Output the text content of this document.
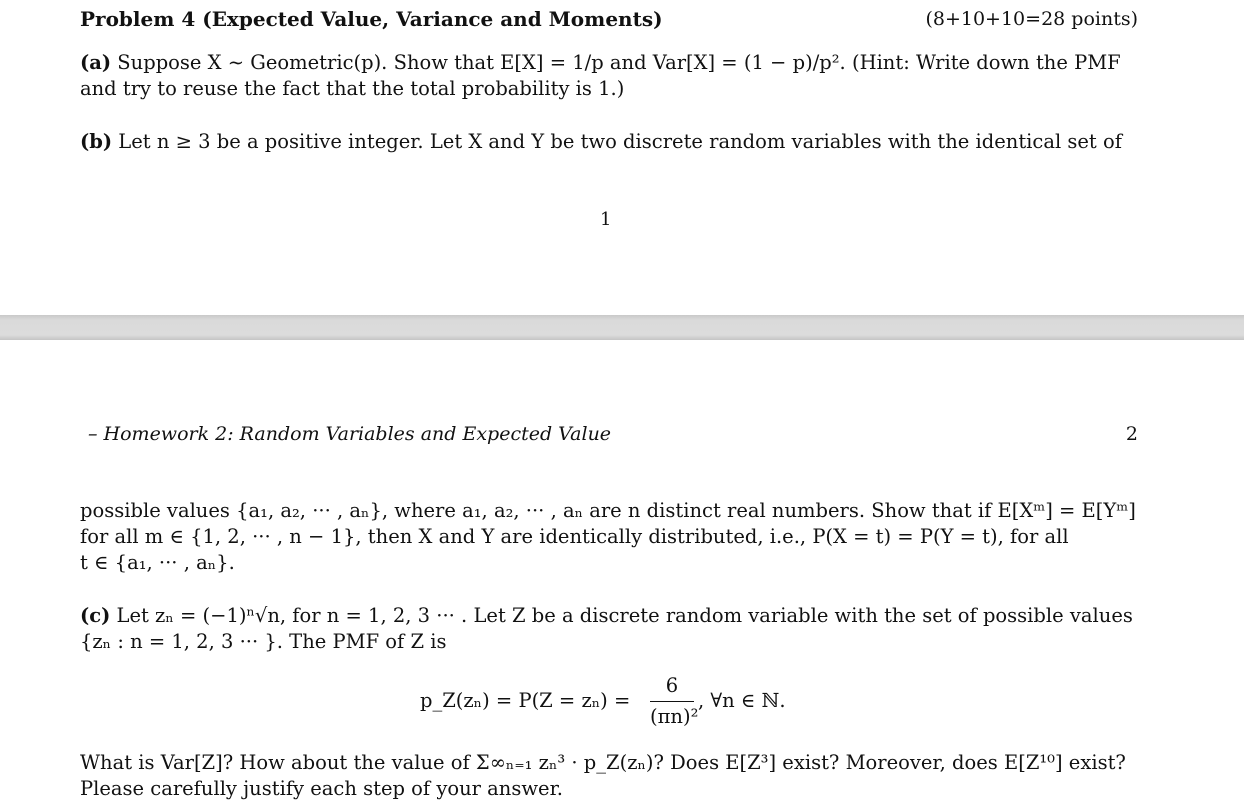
Problem 4 (Expected Value, Variance and Moments)	(8+10+10=28 points)
(a) Suppose X ∼ Geometric(p). Show that E[X] = 1/p and Var[X] = (1 − p)/p². (Hint: Write down the PMF
and try to reuse the fact that the total probability is 1.)
(b) Let n ≥ 3 be a positive integer. Let X and Y be two discrete random variables with the identical set of
1
– Homework 2: Random Variables and Expected Value	2
possible values {a₁, a₂, ··· , aₙ}, where a₁, a₂, ··· , aₙ are n distinct real numbers. Show that if E[Xᵐ] = E[Yᵐ]
for all m ∈ {1, 2, ··· , n − 1}, then X and Y are identically distributed, i.e., P(X = t) = P(Y = t), for all
t ∈ {a₁, ··· , aₙ}.
(c) Let zₙ = (−1)ⁿ√n, for n = 1, 2, 3 ··· . Let Z be a discrete random variable with the set of possible values
{zₙ : n = 1, 2, 3 ··· }. The PMF of Z is
p_Z(zₙ) = P(Z = zₙ) =
6
(πn)²
, ∀n ∈ ℕ.
What is Var[Z]? How about the value of Σ∞ₙ₌₁ zₙ³ · p_Z(zₙ)? Does E[Z³] exist? Moreover, does E[Z¹⁰] exist?
Please carefully justify each step of your answer.
